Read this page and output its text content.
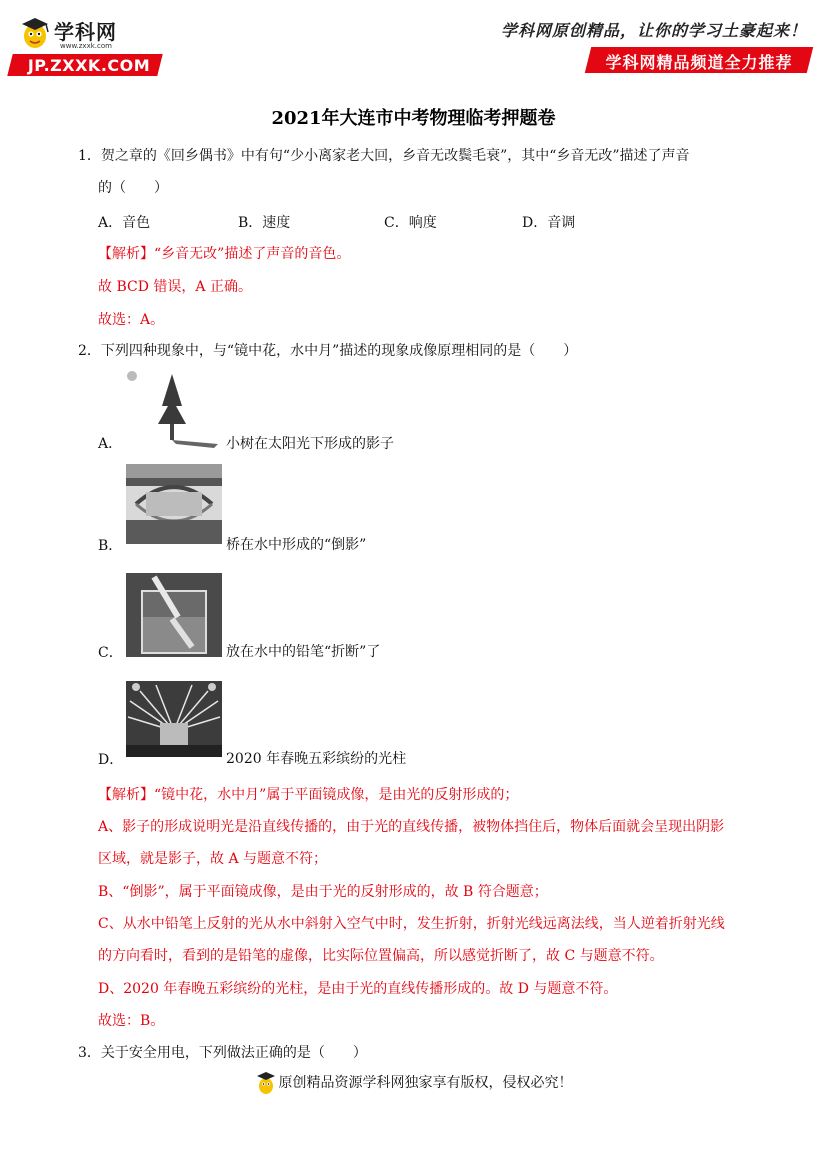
学科网
www.zxxk.com
JP.ZXXK.COM
学科网原创精品，让你的学习土豪起来！
学科网精品频道全力推荐
2021年大连市中考物理临考押题卷
1．贺之章的《回乡偶书》中有句“少小离家老大回，乡音无改鬓毛衰”，其中“乡音无改”描述了声音
的（　　）
A．音色	B．速度	C．响度	D．音调
【解析】“乡音无改”描述了声音的音色。
故 BCD 错误，A 正确。
故选：A。
2．下列四种现象中，与“镜中花，水中月”描述的现象成像原理相同的是（　　）
A．	小树在太阳光下形成的影子
B．	桥在水中形成的“倒影”
C．	放在水中的铅笔“折断”了
D．	2020 年春晚五彩缤纷的光柱
【解析】“镜中花，水中月”属于平面镜成像，是由光的反射形成的；
A、影子的形成说明光是沿直线传播的，由于光的直线传播，被物体挡住后，物体后面就会呈现出阴影
区域，就是影子，故 A 与题意不符；
B、“倒影”，属于平面镜成像，是由于光的反射形成的，故 B 符合题意；
C、从水中铅笔上反射的光从水中斜射入空气中时，发生折射，折射光线远离法线，当人逆着折射光线
的方向看时，看到的是铅笔的虚像，比实际位置偏高，所以感觉折断了，故 C 与题意不符。
D、2020 年春晚五彩缤纷的光柱，是由于光的直线传播形成的。故 D 与题意不符。
故选：B。
3．关于安全用电，下列做法正确的是（　　）
原创精品资源学科网独家享有版权，侵权必究！
